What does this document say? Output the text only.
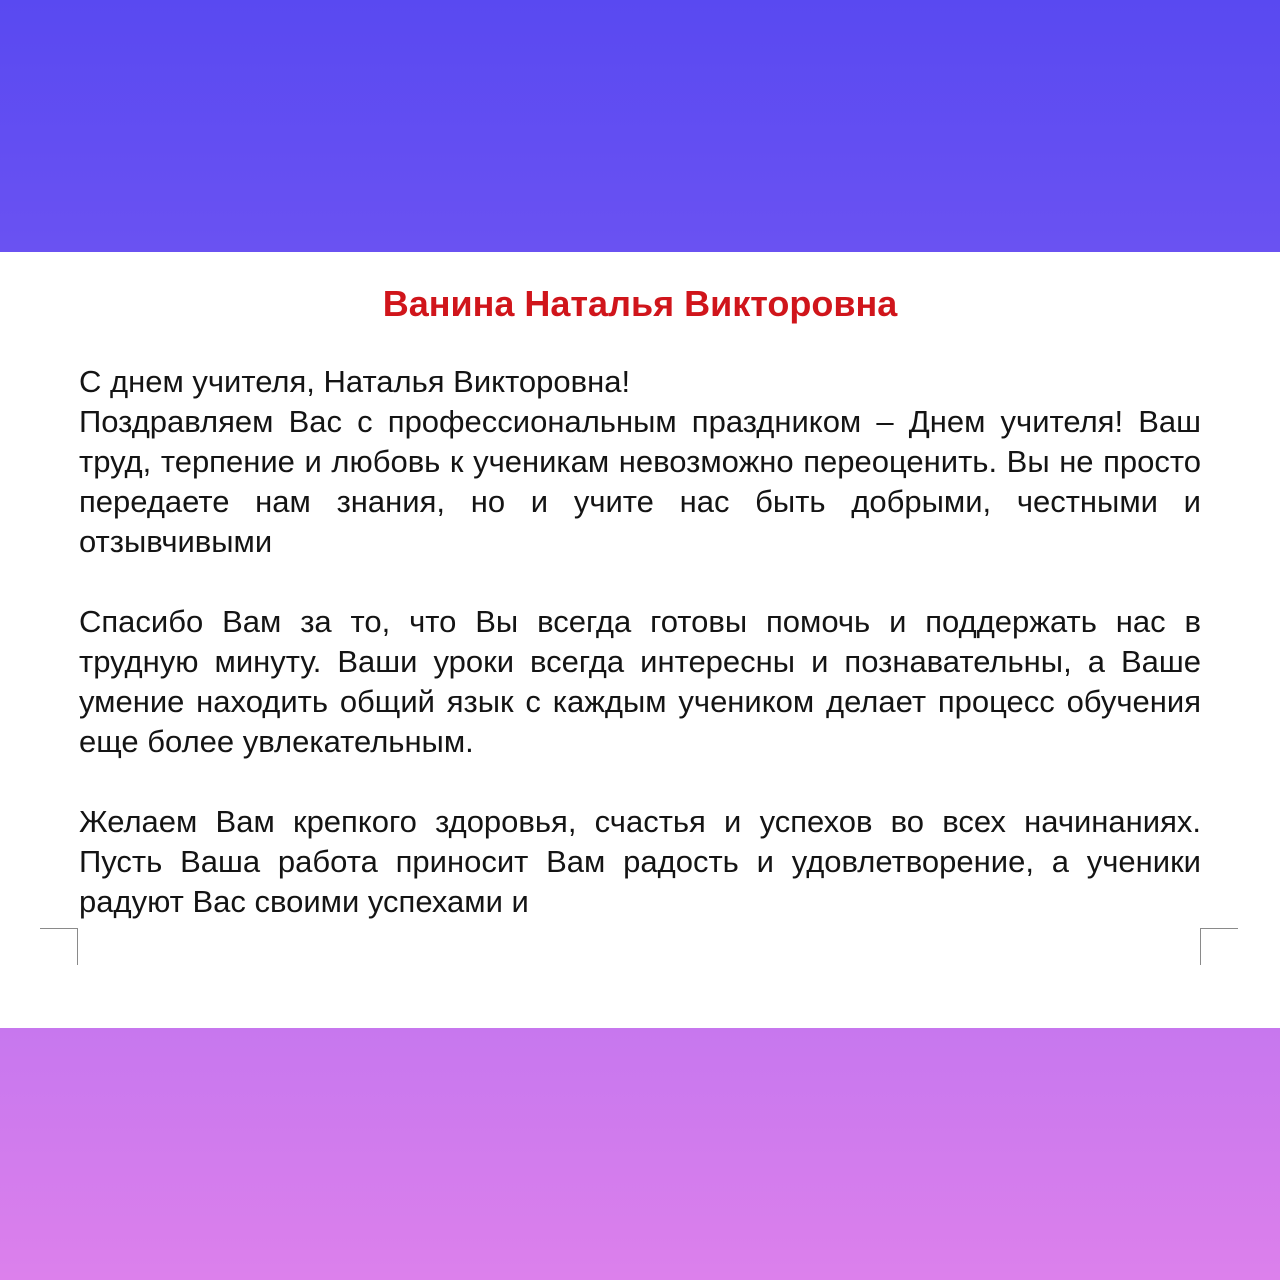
Ванина Наталья Викторовна

С днем учителя, Наталья Викторовна!

Поздравляем Вас с профессиональным праздником – Днем учителя! Ваш труд, терпение и любовь к ученикам невозможно переоценить. Вы не просто передаете нам знания, но и учите нас быть добрыми, честными и отзывчивыми

Спасибо Вам за то, что Вы всегда готовы помочь и поддержать нас в трудную минуту. Ваши уроки всегда интересны и познавательны, а Ваше умение находить общий язык с каждым учеником делает процесс обучения еще более увлекательным.

Желаем Вам крепкого здоровья, счастья и успехов во всех начинаниях. Пусть Ваша работа приносит Вам радость и удовлетворение, а ученики радуют Вас своими успехами и
